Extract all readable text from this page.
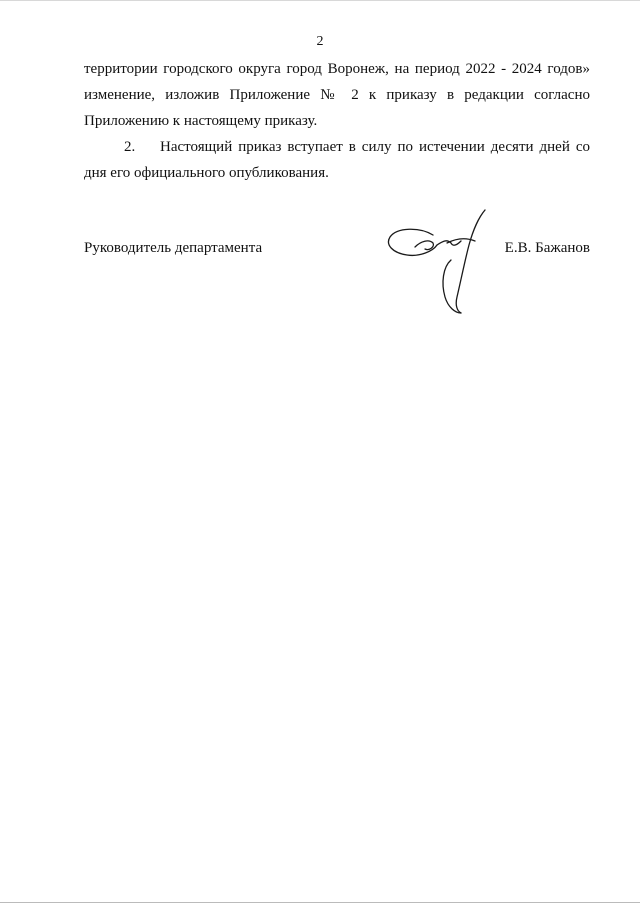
2
территории городского округа город Воронеж, на период 2022 - 2024 годов»
изменение, изложив Приложение № 2 к приказу в редакции согласно
Приложению к настоящему приказу.
2. Настоящий приказ вступает в силу по истечении десяти дней со
дня его официального опубликования.
Руководитель департамента	Е.В. Бажанов
